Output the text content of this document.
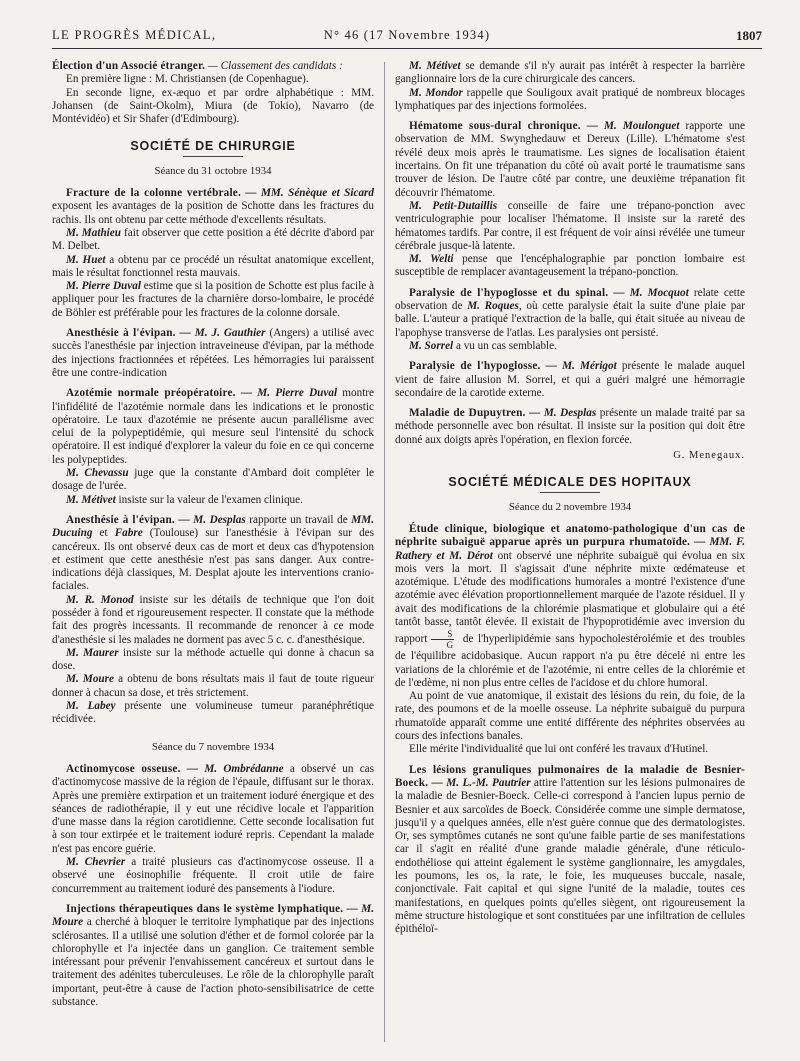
LE PROGRÈS MÉDICAL,	N° 46 (17 Novembre 1934)	1807

Élection d'un Associé étranger. — Classement des candidats :

En première ligne : M. Christiansen (de Copenhague).

En seconde ligne, ex-æquo et par ordre alphabétique : MM. Johansen (de Saint-Okolm), Miura (de Tokio), Navarro (de Montévidéo) et Sir Shafer (d'Edimbourg).

SOCIÉTÉ DE CHIRURGIE
Séance du 31 octobre 1934

Fracture de la colonne vertébrale. — MM. Sénèque et Sicard exposent les avantages de la position de Schotte dans les fractures du rachis. Ils ont obtenu par cette méthode d'excellents résultats.

M. Mathieu fait observer que cette position a été décrite d'abord par M. Delbet.

M. Huet a obtenu par ce procédé un résultat anatomique excellent, mais le résultat fonctionnel resta mauvais.

M. Pierre Duval estime que si la position de Schotte est plus facile à appliquer pour les fractures de la charnière dorso-lombaire, le procédé de Böhler est préférable pour les fractures de la colonne dorsale.

Anesthésie à l'évipan. — M. J. Gauthier (Angers) a utilisé avec succès l'anesthésie par injection intraveineuse d'évipan, par la méthode des injections fractionnées et répétées. Les hémorragies lui paraissent être une contre-indication

Azotémie normale préopératoire. — M. Pierre Duval montre l'infidélité de l'azotémie normale dans les indications et le pronostic opératoire. Le taux d'azotémie ne présente aucun parallélisme avec celui de la polypeptidémie, qui mesure seul l'intensité du schock opératoire. Il est indiqué d'explorer la valeur du foie en ce qui concerne les polypeptides.

M. Chevassu juge que la constante d'Ambard doit compléter le dosage de l'urée.

M. Métivet insiste sur la valeur de l'examen clinique.

Anesthésie à l'évipan. — M. Desplas rapporte un travail de MM. Ducuing et Fabre (Toulouse) sur l'anesthésie à l'évipan sur des cancéreux. Ils ont observé deux cas de mort et deux cas d'hypotension et estiment que cette anesthésie n'est pas sans danger. Aux contre-indications déjà classiques, M. Desplat ajoute les interventions cranio-faciales.

M. R. Monod insiste sur les détails de technique que l'on doit posséder à fond et rigoureusement respecter. Il constate que la méthode fait des progrès incessants. Il recommande de renoncer à ce mode d'anesthésie si les malades ne dorment pas avec 5 c. c. d'anesthésique.

M. Maurer insiste sur la méthode actuelle qui donne à chacun sa dose.

M. Moure a obtenu de bons résultats mais il faut de toute rigueur donner à chacun sa dose, et très strictement.

M. Labey présente une volumineuse tumeur paranéphrétique récidivée.

Séance du 7 novembre 1934

Actinomycose osseuse. — M. Ombrédanne a observé un cas d'actinomycose massive de la région de l'épaule, diffusant sur le thorax. Après une première extirpation et un traitement ioduré énergique et des séances de radiothérapie, il y eut une récidive locale et l'apparition d'une masse dans la région carotidienne. Cette seconde localisation fut à son tour extirpée et le traitement ioduré repris. Cependant la malade n'est pas encore guérie.

M. Chevrier a traité plusieurs cas d'actinomycose osseuse. Il a observé une éosinophilie fréquente. Il croit utile de faire concurremment au traitement ioduré des pansements à l'iodure.

Injections thérapeutiques dans le système lymphatique. — M. Moure a cherché à bloquer le territoire lymphatique par des injections sclérosantes. Il a utilisé une solution d'éther et de formol colorée par la chlorophylle et l'a injectée dans un ganglion. Ce traitement semble intéressant pour prévenir l'envahissement cancéreux et surtout dans le traitement des adénites tuberculeuses. Le rôle de la chlorophylle paraît important, peut-être à cause de l'action photo-sensibilisatrice de cette substance.

M. Métivet se demande s'il n'y aurait pas intérêt à respecter la barrière ganglionnaire lors de la cure chirurgicale des cancers.

M. Mondor rappelle que Souligoux avait pratiqué de nombreux blocages lymphatiques par des injections formolées.

Hématome sous-dural chronique. — M. Moulonguet rapporte une observation de MM. Swynghedauw et Dereux (Lille). L'hématome s'est révélé deux mois après le traumatisme. Les signes de localisation étaient incertains. On fit une trépanation du côté où avait porté le traumatisme sans trouver de lésion. De l'autre côté par contre, une deuxième trépanation fit découvrir l'hématome.

M. Petit-Dutaillis conseille de faire une trépano-ponction avec ventriculographie pour localiser l'hématome. Il insiste sur la rareté des hématomes tardifs. Par contre, il est fréquent de voir ainsi révélée une tumeur cérébrale jusque-là latente.

M. Welti pense que l'encéphalographie par ponction lombaire est susceptible de remplacer avantageusement la trépano-ponction.

Paralysie de l'hypoglosse et du spinal. — M. Mocquot relate cette observation de M. Roques, où cette paralysie était la suite d'une plaie par balle. L'auteur a pratiqué l'extraction de la balle, qui était située au niveau de l'apophyse transverse de l'atlas. Les paralysies ont persisté.

M. Sorrel a vu un cas semblable.

Paralysie de l'hypoglosse. — M. Mérigot présente le malade auquel vient de faire allusion M. Sorrel, et qui a guéri malgré une hémorragie secondaire de la carotide externe.

Maladie de Dupuytren. — M. Desplas présente un malade traité par sa méthode personnelle avec bon résultat. Il insiste sur la position qui doit être donné aux doigts après l'opération, en flexion forcée.

G. Menegaux.
SOCIÉTÉ MÉDICALE DES HOPITAUX
Séance du 2 novembre 1934

Étude clinique, biologique et anatomo-pathologique d'un cas de néphrite subaiguë apparue après un purpura rhumatoïde. — MM. F. Rathery et M. Dérot ont observé une néphrite subaiguë qui évolua en six mois vers la mort. Il s'agissait d'une néphrite mixte œdémateuse et azotémique. L'étude des modifications humorales a montré l'existence d'une azotémie avec élévation proportionnellement marquée de l'azote résiduel. Il y avait des modifications de la chlorémie plasmatique et globulaire qui a été tantôt basse, tantôt élevée. Il existait de l'hypoprotidémie avec inversion du rapport $\frac{S}{G}$ de l'hyperlipidémie sans hypocholestérolémie et des troubles de l'équilibre acidobasique. Aucun rapport n'a pu être décelé ni entre les variations de la chlorémie et de l'azotémie, ni entre celles de la chlorémie et de l'œdème, ni non plus entre celles de l'acidose et du chlore humoral.

Au point de vue anatomique, il existait des lésions du rein, du foie, de la rate, des poumons et de la moelle osseuse. La néphrite subaiguë du purpura rhumatoïde apparaît comme une entité différente des néphrites observées au cours des infections banales.

Elle mérite l'individualité que lui ont conféré les travaux d'Hutinel.

Les lésions granuliques pulmonaires de la maladie de Besnier-Boeck. — M. L.-M. Pautrier attire l'attention sur les lésions pulmonaires de la maladie de Besnier-Boeck. Celle-ci correspond à l'ancien lupus pernio de Besnier et aux sarcoïdes de Boeck. Considérée comme une simple dermatose, jusqu'il y a quelques années, elle n'est guère connue que des dermatologistes. Or, ses symptômes cutanés ne sont qu'une faible partie de ses manifestations car il s'agit en réalité d'une grande maladie générale, d'une réticulo-endothéliose qui atteint également le système ganglionnaire, les amygdales, les poumons, les os, la rate, le foie, les muqueuses buccale, nasale, conjonctivale. Fait capital et qui signe l'unité de la maladie, toutes ces manifestations, en quelques points qu'elles siègent, ont rigoureusement la même structure histologique et sont constituées par une infiltration de cellules épithéloï-
